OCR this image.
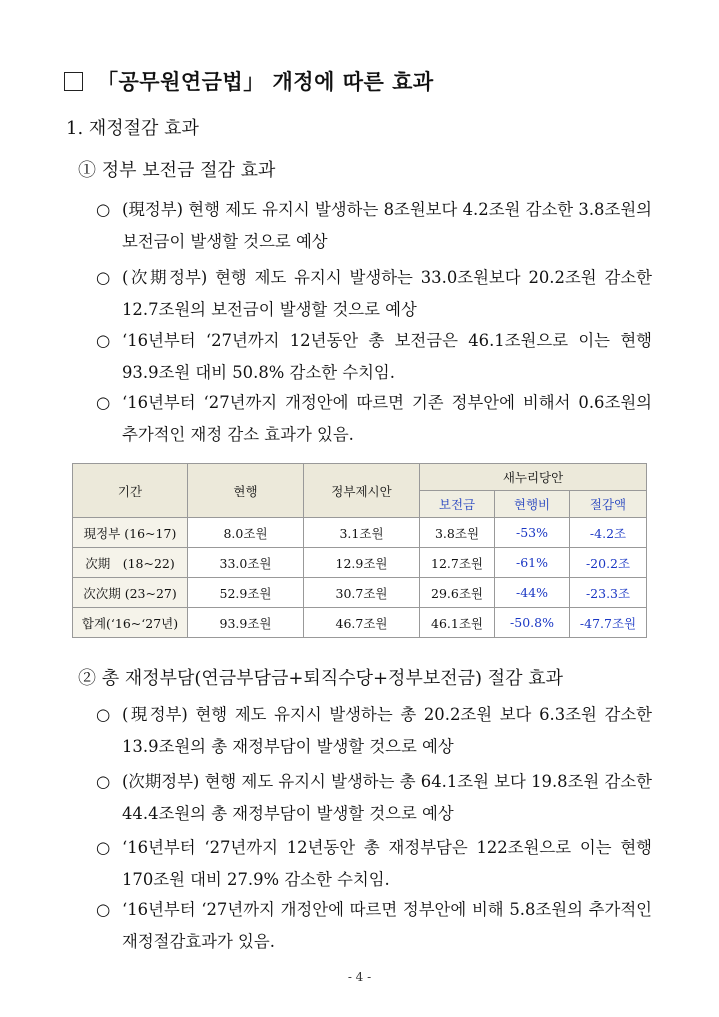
「공무원연금법」 개정에 따른 효과
1. 재정절감 효과
① 정부 보전금 절감 효과
○ (現정부) 현행 제도 유지시 발생하는 8조원보다 4.2조원 감소한 3.8조원의 보전금이 발생할 것으로 예상
○ (次期정부) 현행 제도 유지시 발생하는 33.0조원보다 20.2조원 감소한 12.7조원의 보전금이 발생할 것으로 예상
○ ‘16년부터 ‘27년까지 12년동안 총 보전금은 46.1조원으로 이는 현행 93.9조원 대비 50.8% 감소한 수치임.
○ ‘16년부터 ‘27년까지 개정안에 따르면 기존 정부안에 비해서 0.6조원의 추가적인 재정 감소 효과가 있음.
기간	현행	정부제시안	새누리당안		
			보전금	현행비	절감액
現정부 (16~17)	8.0조원	3.1조원	3.8조원	-53%	-4.2조
次期　(18~22)	33.0조원	12.9조원	12.7조원	-61%	-20.2조
次次期 (23~27)	52.9조원	30.7조원	29.6조원	-44%	-23.3조
합계(‘16~‘27년)	93.9조원	46.7조원	46.1조원	-50.8%	-47.7조원
② 총 재정부담(연금부담금+퇴직수당+정부보전금) 절감 효과
○ (現정부) 현행 제도 유지시 발생하는 총 20.2조원 보다 6.3조원 감소한 13.9조원의 총 재정부담이 발생할 것으로 예상
○ (次期정부) 현행 제도 유지시 발생하는 총 64.1조원 보다 19.8조원 감소한 44.4조원의 총 재정부담이 발생할 것으로 예상
○ ‘16년부터 ‘27년까지 12년동안 총 재정부담은 122조원으로 이는 현행 170조원 대비 27.9% 감소한 수치임.
○ ‘16년부터 ‘27년까지 개정안에 따르면 정부안에 비해 5.8조원의 추가적인 재정절감효과가 있음.
- 4 -
